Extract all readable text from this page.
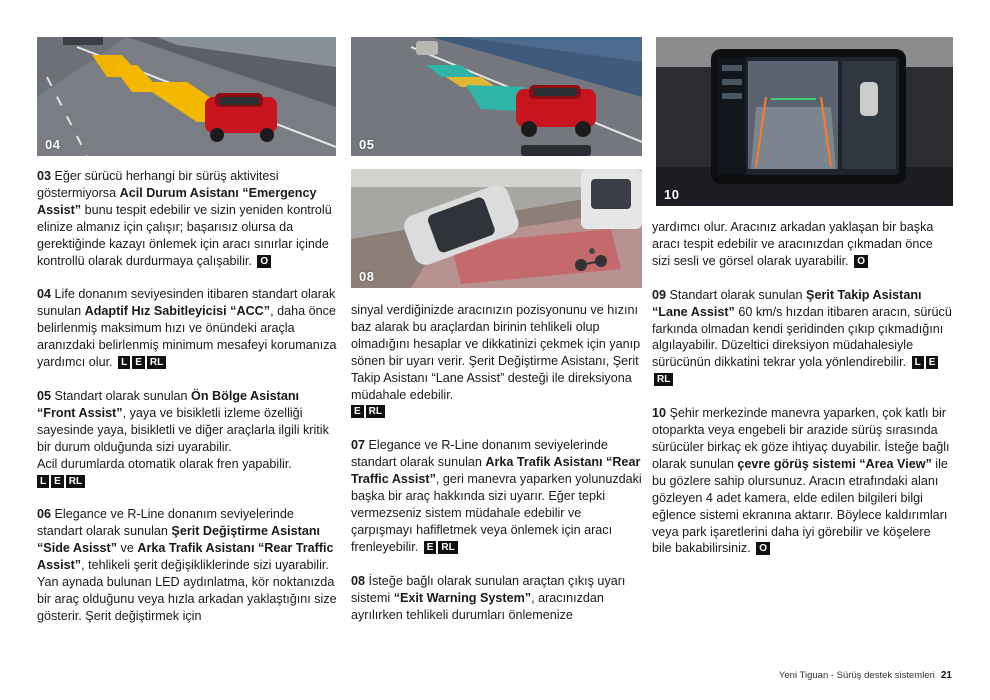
04	05
08
10

03 Eğer sürücü herhangi bir sürüş aktivitesi göstermiyorsa Acil Durum Asistanı “Emergency Assist” bunu tespit edebilir ve sizin yeniden kontrolü elinize almanız için çalışır; başarısız olursa da gerektiğinde kazayı önlemek için aracı sınırlar içinde kontrollü olarak durdurmaya çalışabilir. O

04 Life donanım seviyesinden itibaren standart olarak sunulan Adaptif Hız Sabitleyicisi “ACC”, daha önce belirlenmiş maksimum hızı ve önündeki araçla aranızdaki belirlenmiş minimum mesafeyi korumanıza yardımcı olur. L E RL

05 Standart olarak sunulan Ön Bölge Asistanı “Front Assist”, yaya ve bisikletli izleme özelliği sayesinde yaya, bisikletli ve diğer araçlarla ilgili kritik bir durum olduğunda sizi uyarabilir.
Acil durumlarda otomatik olarak fren yapabilir.
L E RL

06 Elegance ve R-Line donanım seviyelerinde standart olarak sunulan Şerit Değiştirme Asistanı “Side Asisst” ve Arka Trafik Asistanı “Rear Traffic Assist”, tehlikeli şerit değişikliklerinde sizi uyarabilir. Yan aynada bulunan LED aydınlatma, kör noktanızda bir araç olduğunu veya hızla arkadan yaklaştığını size gösterir. Şerit değiştirmek için

sinyal verdiğinizde aracınızın pozisyonunu ve hızını baz alarak bu araçlardan birinin tehlikeli olup olmadığını hesaplar ve dikkatinizi çekmek için yanıp sönen bir uyarı verir. Şerit Değiştirme Asistanı, Şerit Takip Asistanı “Lane Assist” desteği ile direksiyona müdahale edebilir.
E RL

07 Elegance ve R-Line donanım seviyelerinde standart olarak sunulan Arka Trafik Asistanı “Rear Traffic Assist”, geri manevra yaparken yolunuzdaki başka bir araç hakkında sizi uyarır. Eğer tepki vermezseniz sistem müdahale edebilir ve çarpışmayı hafifletmek veya önlemek için aracı frenleyebilir. E RL

08 İsteğe bağlı olarak sunulan araçtan çıkış uyarı sistemi “Exit Warning System”, aracınızdan ayrılırken tehlikeli durumları önlemenize

yardımcı olur. Aracınız arkadan yaklaşan bir başka aracı tespit edebilir ve aracınızdan çıkmadan önce sizi sesli ve görsel olarak uyarabilir. O

09 Standart olarak sunulan Şerit Takip Asistanı “Lane Assist” 60 km/s hızdan itibaren aracın, sürücü farkında olmadan kendi şeridinden çıkıp çıkmadığını algılayabilir. Düzeltici direksiyon müdahalesiyle sürücünün dikkatini tekrar yola yönlendirebilir. L ERL

10 Şehir merkezinde manevra yaparken, çok katlı bir otoparkta veya engebeli bir arazide sürüş sırasında sürücüler birkaç ek göze ihtiyaç duyabilir. İsteğe bağlı olarak sunulan çevre görüş sistemi “Area View” ile bu gözlere sahip olursunuz. Aracın etrafındaki alanı gözleyen 4 adet kamera, elde edilen bilgileri bilgi eğlence sistemi ekranına aktarır. Böylece kaldırımları veya park işaretlerini daha iyi görebilir ve köşelere bile bakabilirsiniz. O

Yeni Tiguan - Sürüş destek sistemleri 21
